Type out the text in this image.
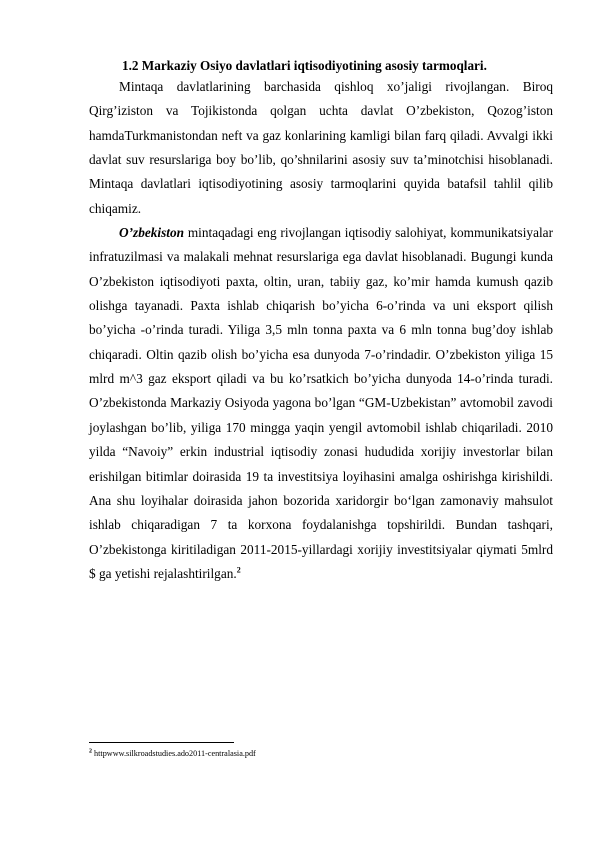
1.2 Markaziy Osiyo davlatlari iqtisodiyotining asosiy tarmoqlari.

Mintaqa davlatlarining barchasida qishloq xo’jaligi rivojlangan. Biroq Qirg’iziston va Tojikistonda qolgan uchta davlat O’zbekiston, Qozog’iston hamdaTurkmanistondan neft va gaz konlarining kamligi bilan farq qiladi. Avvalgi ikki davlat suv resurslariga boy bo’lib, qo’shnilarini asosiy suv ta’minotchisi hisoblanadi. Mintaqa davlatlari iqtisodiyotining asosiy tarmoqlarini quyida batafsil tahlil qilib chiqamiz.

O’zbekiston mintaqadagi eng rivojlangan iqtisodiy salohiyat, kommunikatsiyalar infratuzilmasi va malakali mehnat resurslariga ega davlat hisoblanadi. Bugungi kunda O’zbekiston iqtisodiyoti paxta, oltin, uran, tabiiy gaz, ko’mir hamda kumush qazib olishga tayanadi. Paxta ishlab chiqarish bo’yicha 6-o’rinda va uni eksport qilish bo’yicha -o’rinda turadi. Yiliga 3,5 mln tonna paxta va 6 mln tonna bug’doy ishlab chiqaradi. Oltin qazib olish bo’yicha esa dunyoda 7-o’rindadir. O’zbekiston yiliga 15 mlrd m^3 gaz eksport qiladi va bu ko’rsatkich bo’yicha dunyoda 14-o’rinda turadi. O’zbekistonda Markaziy Osiyoda yagona bo’lgan “GM-Uzbekistan” avtomobil zavodi joylashgan bo’lib, yiliga 170 mingga yaqin yengil avtomobil ishlab chiqariladi. 2010 yilda “Navoiy” erkin industrial iqtisodiy zonasi hududida xorijiy investorlar bilan erishilgan bitimlar doirasida 19 ta investitsiya loyihasini amalga oshirishga kirishildi. Ana shu loyihalar doirasida jahon bozorida xaridorgir bo‘lgan zamonaviy mahsulot ishlab chiqaradigan 7 ta korxona foydalanishga topshirildi. Bundan tashqari, O’zbekistonga kiritiladigan 2011-2015-yillardagi xorijiy investitsiyalar qiymati 5mlrd $ ga yetishi rejalashtirilgan.$^2$

$^2$ httpwww.silkroadstudies.ado2011-centralasia.pdf
